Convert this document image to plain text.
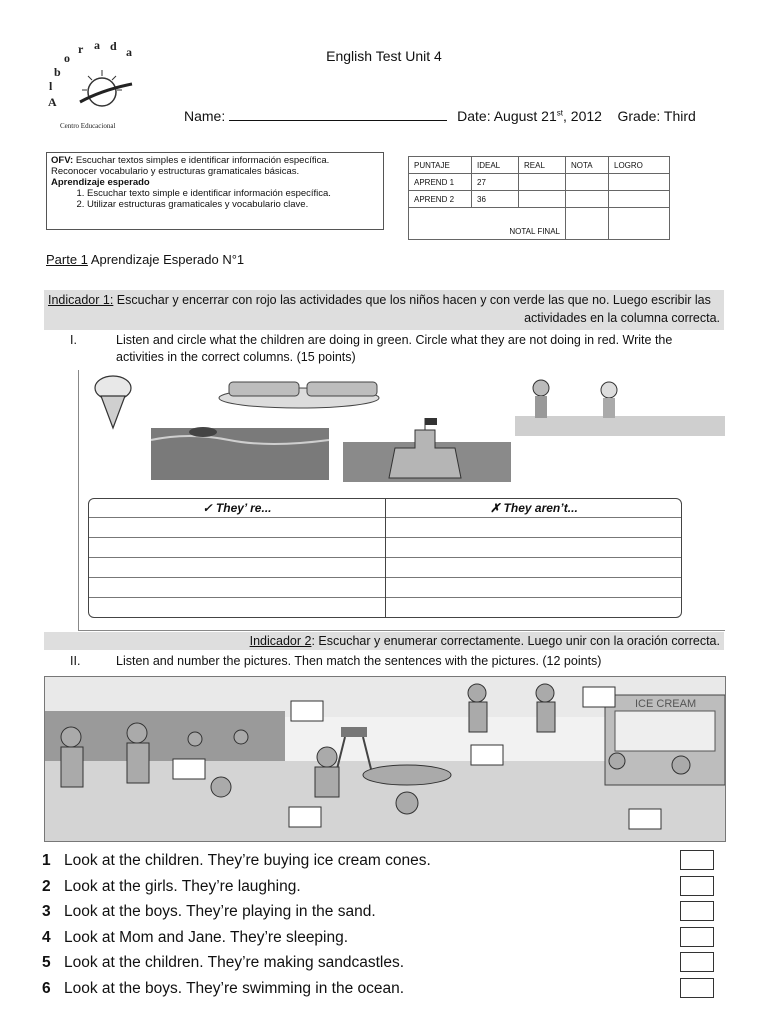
English Test Unit 4
Alb or a d a
Centro Educacional
Name:	Date: August 21st, 2012 Grade: Third
OFV: Escuchar textos simples e identificar información específica.
Reconocer vocabulario y estructuras gramaticales básicas.
Aprendizaje esperado
1. Escuchar texto simple e identificar información específica.
2. Utilizar estructuras gramaticales y vocabulario clave.
PUNTAJE	IDEAL	REAL	NOTA	LOGRO
APREND 1	27			
APREND 2	36			
NOTAL FINAL				
Parte 1 Aprendizaje Esperado N°1
Indicador 1: Escuchar y encerrar con rojo las actividades que los niños hacen y con verde las que no. Luego escribir las
actividades en la columna correcta.
I.	Listen and circle what the children are doing in green. Circle what they are not doing in red. Write the activities in the correct columns. (15 points)
✓ They’ re...	✗ They aren’t...
Indicador 2: Escuchar y enumerar correctamente. Luego unir con la oración correcta.
II.	Listen and number the pictures. Then match the sentences with the pictures. (12 points)
ICE CREAM
1 Look at the children. They’re buying ice cream cones.
2 Look at the girls. They’re laughing.
3 Look at the boys. They’re playing in the sand.
4 Look at Mom and Jane. They’re sleeping.
5 Look at the children. They’re making sandcastles.
6 Look at the boys. They’re swimming in the ocean.
